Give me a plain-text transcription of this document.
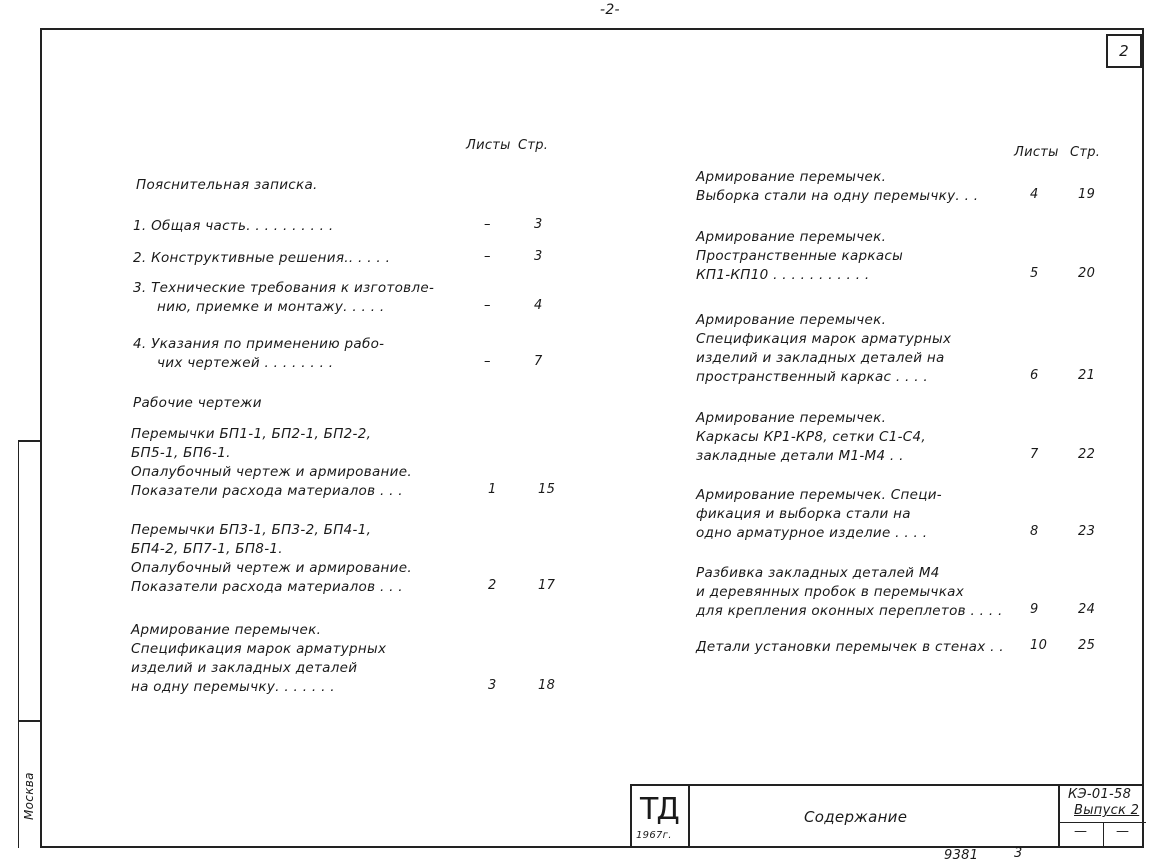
-2-
2
Москва
Листы Стр.
Пояснительная записка.
1. Общая часть. . . . . . . . . .	–	3
2. Конструктивные решения.. . . . .	–	3
3. Технические требования к изготовле-
нию, приемке и монтажу. . . . .	–	4
4. Указания по применению рабо-
чих чертежей . . . . . . . .	–	7
Рабочие чертежи
Перемычки БП1-1, БП2-1, БП2-2,
БП5-1, БП6-1.
Опалубочный чертеж и армирование.
Показатели расхода материалов . . .	1	15
Перемычки БП3-1, БП3-2, БП4-1,
БП4-2, БП7-1, БП8-1.
Опалубочный чертеж и армирование.
Показатели расхода материалов . . .	2	17
Армирование перемычек.
Спецификация марок арматурных
изделий и закладных деталей
на одну перемычку. . . . . . .	3	18
Листы Стр.
Армирование перемычек.
Выборка стали на одну перемычку. . .	4	19
Армирование перемычек.
Пространственные каркасы
КП1-КП10 . . . . . . . . . . .	5	20
Армирование перемычек.
Спецификация марок арматурных
изделий и закладных деталей на
пространственный каркас . . . .	6	21
Армирование перемычек.
Каркасы КР1-КР8, сетки С1-С4,
закладные детали М1-М4 . .	7	22
Армирование перемычек. Специ-
фикация и выборка стали на
одно арматурное изделие . . . .	8	23
Разбивка закладных деталей М4
и деревянных пробок в перемычках
для крепления оконных переплетов . . . . 9	24
Детали установки перемычек в стенах . . 10 25
ТД
1967г.
Содержание
КЭ-01-58
Выпуск 2
— —
9381	3
